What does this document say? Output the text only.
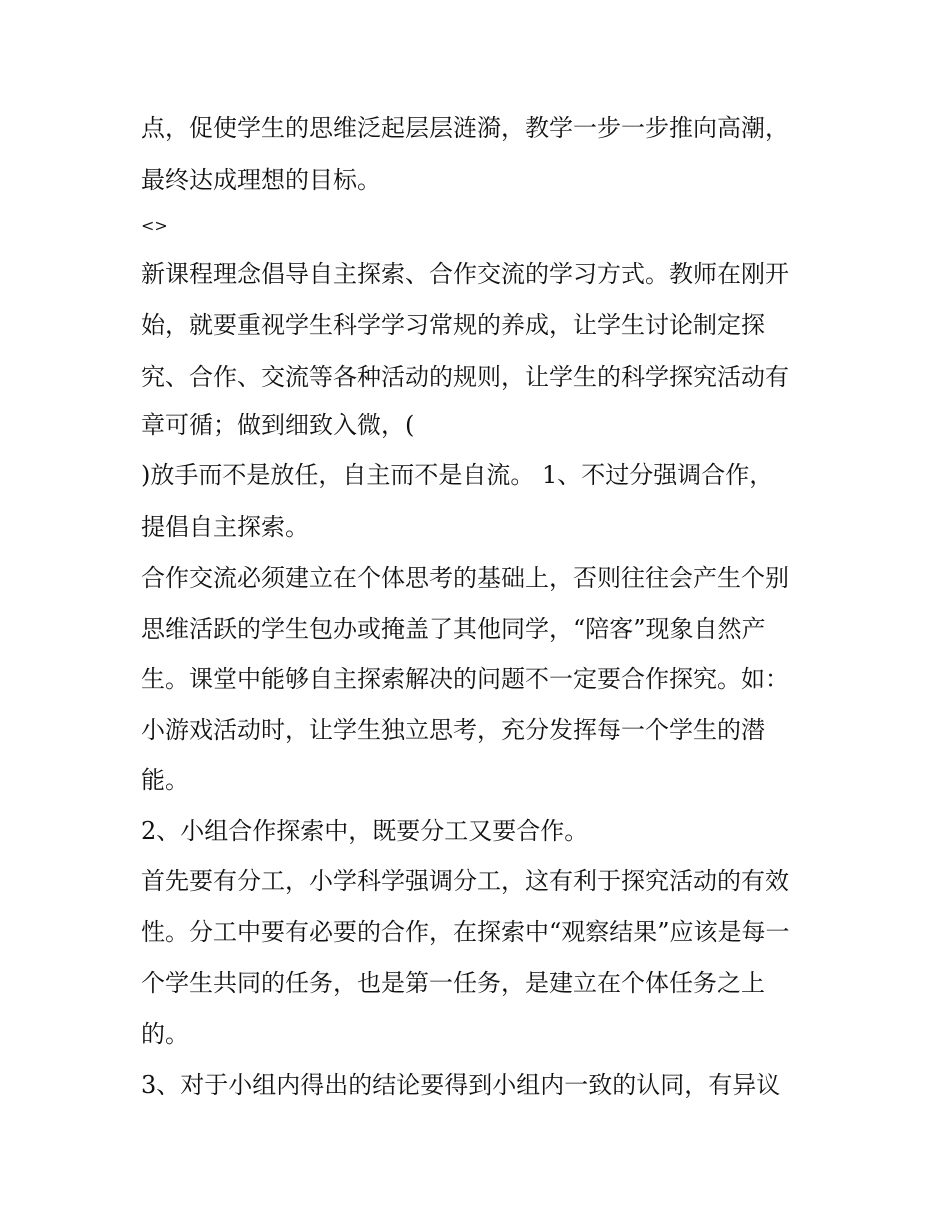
点，促使学生的思维泛起层层涟漪，教学一步一步推向高潮，
最终达成理想的目标。
<>
新课程理念倡导自主探索、合作交流的学习方式。教师在刚开
始，就要重视学生科学学习常规的养成，让学生讨论制定探
究、合作、交流等各种活动的规则，让学生的科学探究活动有
章可循；做到细致入微，(
)放手而不是放任，自主而不是自流。 1、不过分强调合作，
提倡自主探索。
合作交流必须建立在个体思考的基础上，否则往往会产生个别
思维活跃的学生包办或掩盖了其他同学，“陪客”现象自然产
生。课堂中能够自主探索解决的问题不一定要合作探究。如：
小游戏活动时，让学生独立思考，充分发挥每一个学生的潜
能。
2、小组合作探索中，既要分工又要合作。
首先要有分工，小学科学强调分工，这有利于探究活动的有效
性。分工中要有必要的合作，在探索中“观察结果”应该是每一
个学生共同的任务，也是第一任务，是建立在个体任务之上
的。
3、对于小组内得出的结论要得到小组内一致的认同，有异议
